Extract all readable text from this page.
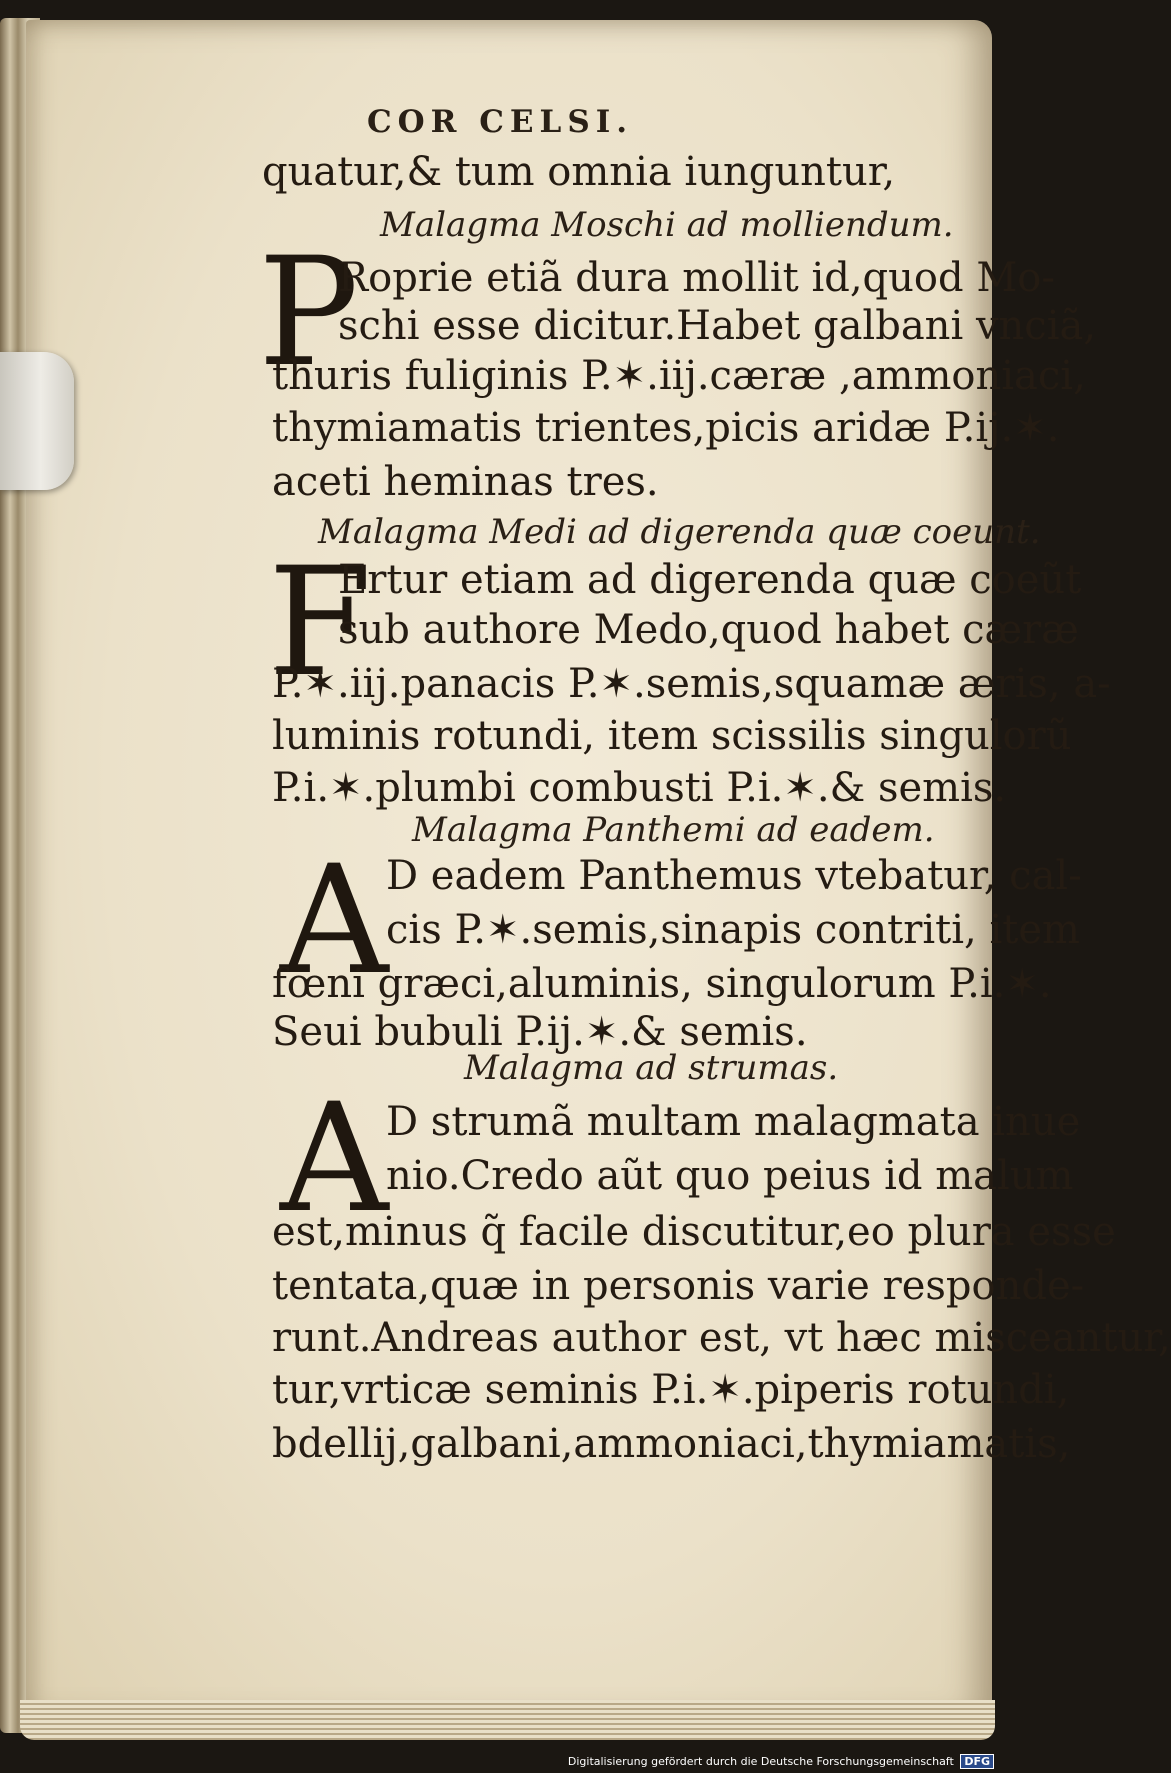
COR CELSI.
quatur,& tum omnia iunguntur,
Malagma Moschi ad molliendum.
P
Roprie etiã dura mollit id,quod Mo-
schi esse dicitur.Habet galbani vnciã,
thuris fuliginis P.✶.iij.cæræ ,ammoniaci,
thymiamatis trientes,picis aridæ P.ij.✶.
aceti heminas tres.
Malagma Medi ad digerenda quæ coeunt.
F
Ertur etiam ad digerenda quæ coeũt
sub authore Medo,quod habet cæræ
P.✶.iij.panacis P.✶.semis,squamæ æris, a-
luminis rotundi, item scissilis singulorũ
P.i.✶.plumbi combusti P.i.✶.& semis.
Malagma Panthemi ad eadem.
A
D eadem Panthemus vtebatur, cal-
cis P.✶.semis,sinapis contriti, item
fœni græci,aluminis, singulorum P.i.✶.
Seui bubuli P.ij.✶.& semis.
Malagma ad strumas.
A
D strumã multam malagmata inue
nio.Credo aũt quo peius id malum
est,minus q̃ facile discutitur,eo plura esse
tentata,quæ in personis varie responde-
runt.Andreas author est, vt hæc misceantur,
tur,vrticæ seminis P.i.✶.piperis rotundi,
bdellij,galbani,ammoniaci,thymiamatis,
Digitalisierung gefördert durch die Deutsche Forschungsgemeinschaft DFG
